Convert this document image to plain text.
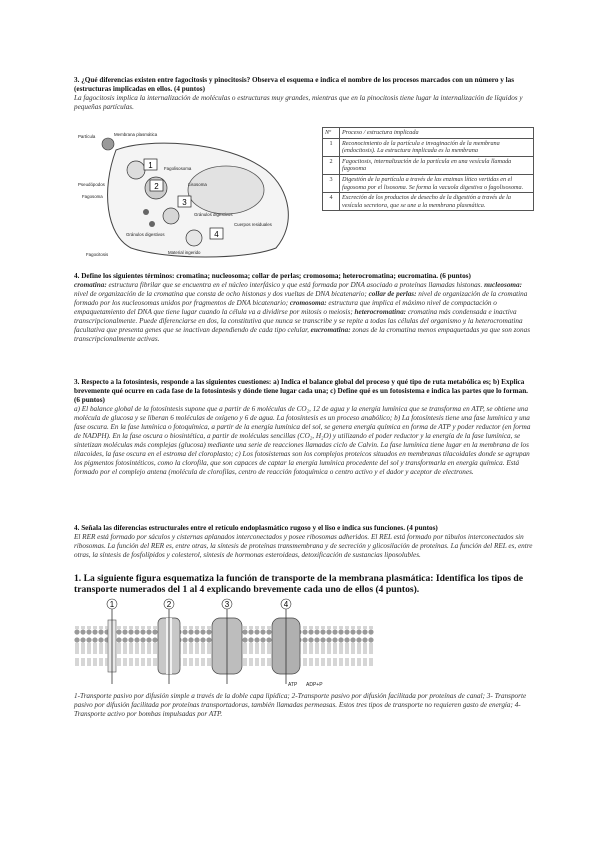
3. ¿Qué diferencias existen entre fagocitosis y pinocitosis? Observa el esquema e indica el nombre de los procesos marcados con un número y las (estructuras implicadas en ellos. (4 puntos)
La fagocitosis implica la internalización de moléculas o estructuras muy grandes, mientras que en la pinocitosis tiene lugar la internalización de líquidos y pequeñas partículas.
1
2
3
4
Partícula	Membrana plasmática
Pseudópodos
Fagosoma
Gránulos digestivos
Gránulos digestivos
Lisosoma
Cuerpos residuales
Fagocitosis	Material ingerido
Fagolisosoma
Nº	Proceso / estructura implicada
1	Reconocimiento de la partícula e invaginación de la membrana (endocitosis). La estructura implicada es la membrana
2	Fagocitosis, internalización de la partícula en una vesícula llamada fagosoma
3	Digestión de la partícula a través de las enzimas lítico vertidas en el fagosoma por el lisosoma. Se forma la vacuola digestiva o fagolisosoma.
4	Excreción de los productos de desecho de la digestión a través de la vesícula secretora, que se une a la membrana plasmática.
4. Define los siguientes términos: cromatina; nucleosoma; collar de perlas; cromosoma; heterocromatina; eucromatina. (6 puntos)
cromatina: estructura fibrilar que se encuentra en el núcleo interfásico y que está formada por DNA asociado a proteínas llamadas histonas. nucleosoma: nivel de organización de la cromatina que consta de ocho histonas y dos vueltas de DNA bicatenario; collar de perlas: nivel de organización de la cromatina formado por los nucleosomas unidos por fragmentos de DNA bicatenario; cromosoma: estructura que implica el máximo nivel de compactación o empaquetamiento del DNA que tiene lugar cuando la célula va a dividirse por mitosis o meiosis; heterocromatina: cromatina más condensada e inactiva transcripcionalmente. Puede diferenciarse en dos, la constitutiva que nunca se transcribe y se repite a todas las células del organismo y la heterocromatina facultativa que presenta genes que se inactivan dependiendo de cada tipo celular, eucromatina: zonas de la cromatina menos empaquetadas ya que son zonas transcripcionalmente activas.
3. Respecto a la fotosíntesis, responde a las siguientes cuestiones: a) Indica el balance global del proceso y qué tipo de ruta metabólica es; b) Explica brevemente qué ocurre en cada fase de la fotosíntesis y dónde tiene lugar cada una; c) Define qué es un fotosistema e indica las partes que lo forman. (6 puntos)
a) El balance global de la fotosíntesis supone que a partir de 6 moléculas de CO₂, 12 de agua y la energía lumínica que se transforma en ATP, se obtiene una molécula de glucosa y se liberan 6 moléculas de oxígeno y 6 de agua. La fotosíntesis es un proceso anabólico; b) La fotosíntesis tiene una fase lumínica y una fase oscura. En la fase lumínica o fotoquímica, a partir de la energía lumínica del sol, se genera energía química en forma de ATP y poder reductor (en forma de NADPH). En la fase oscura o biosintética, a partir de moléculas sencillas (CO₂, H₂O) y utilizando el poder reductor y la energía de la fase lumínica, se sintetizan moléculas más complejas (glucosa) mediante una serie de reacciones llamadas ciclo de Calvin. La fase lumínica tiene lugar en la membrana de los tilacoides, la fase oscura en el estroma del cloroplasto; c) Los fotosistemas son los complejos proteicos situados en membranas tilacoidales donde se agrupan los pigmentos fotosintéticos, como la clorofila, que son capaces de captar la energía lumínica procedente del sol y transformarla en energía química. Está formado por el complejo antena (molécula de clorofilas, centro de reacción fotoquímica o centro activo y el dador y aceptor de electrones.
4. Señala las diferencias estructurales entre el retículo endoplasmático rugoso y el liso e indica sus funciones. (4 puntos)
El RER está formado por sáculos y cisternas aplanados interconectados y posee ribosomas adheridos. El REL está formado por túbulos interconectados sin ribosomas. La función del RER es, entre otras, la síntesis de proteínas transmembrana y de secreción y glicosilación de proteínas. La función del REL es, entre otras, la síntesis de fosfolípidos y colesterol, síntesis de hormonas esteroideas, detoxificación de sustancias liposolubles.
1. La siguiente figura esquematiza la función de transporte de la membrana plasmática: Identifica los tipos de transporte numerados del 1 al 4 explicando brevemente cada uno de ellos (4 puntos).
1	2	3	4
ATP ADP+P
1-Transporte pasivo por difusión simple a través de la doble capa lipídica; 2-Transporte pasivo por difusión facilitada por proteínas de canal; 3- Transporte pasivo por difusión facilitada por proteínas transportadoras, también llamadas permeasas. Estos tres tipos de transporte no requieren gasto de energía; 4-Transporte activo por bombas impulsadas por ATP.
